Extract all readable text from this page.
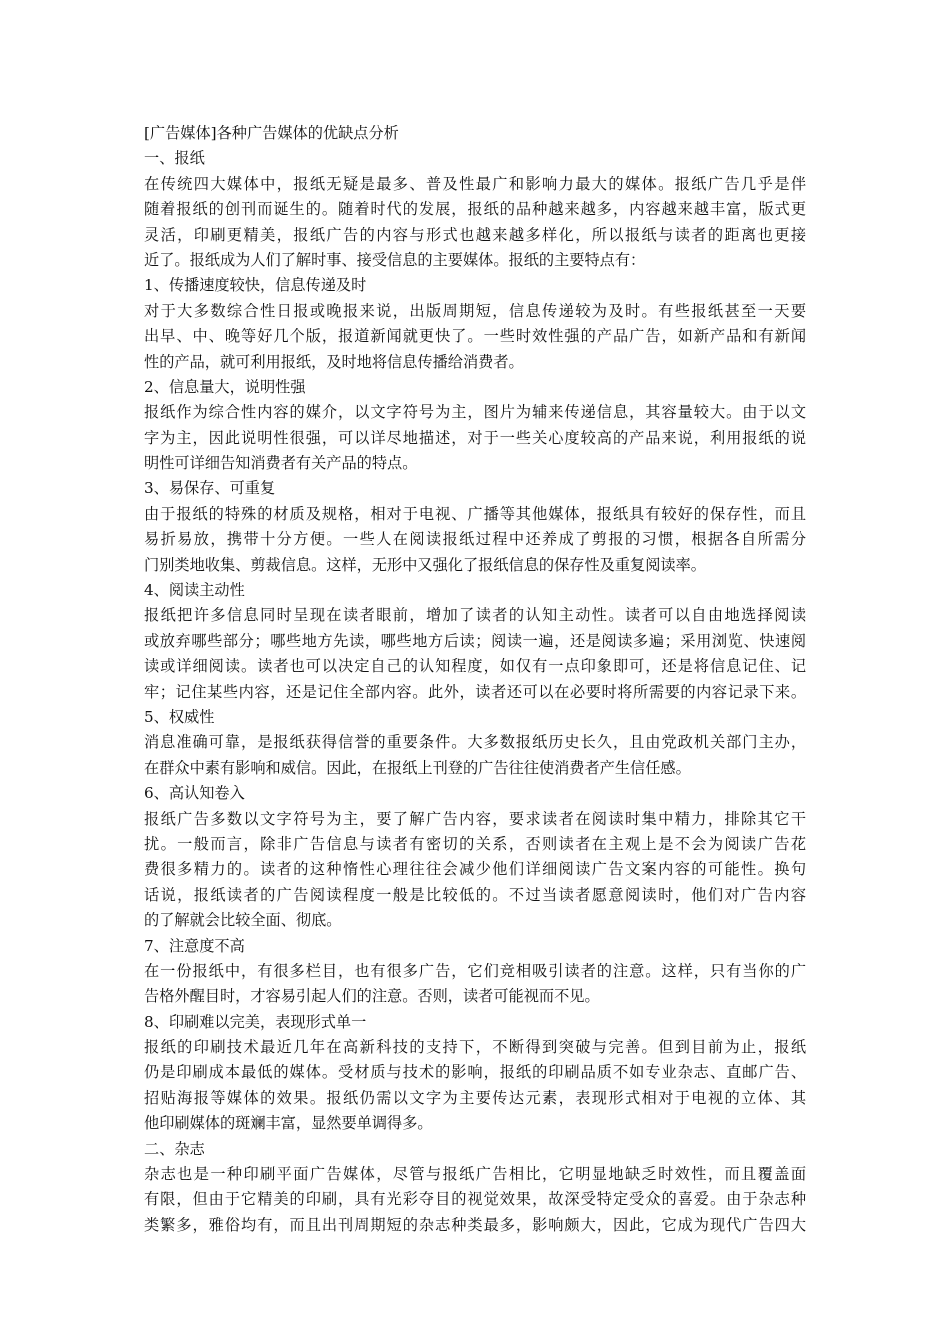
[广告媒体]各种广告媒体的优缺点分析
一、报纸
在传统四大媒体中，报纸无疑是最多、普及性最广和影响力最大的媒体。报纸广告几乎是伴
随着报纸的创刊而诞生的。随着时代的发展，报纸的品种越来越多，内容越来越丰富，版式更
灵活，印刷更精美，报纸广告的内容与形式也越来越多样化，所以报纸与读者的距离也更接
近了。报纸成为人们了解时事、接受信息的主要媒体。报纸的主要特点有：
1、传播速度较快，信息传递及时
对于大多数综合性日报或晚报来说，出版周期短，信息传递较为及时。有些报纸甚至一天要
出早、中、晚等好几个版，报道新闻就更快了。一些时效性强的产品广告，如新产品和有新闻
性的产品，就可利用报纸，及时地将信息传播给消费者。
2、信息量大，说明性强
报纸作为综合性内容的媒介，以文字符号为主，图片为辅来传递信息，其容量较大。由于以文
字为主，因此说明性很强，可以详尽地描述，对于一些关心度较高的产品来说，利用报纸的说
明性可详细告知消费者有关产品的特点。
3、易保存、可重复
由于报纸的特殊的材质及规格，相对于电视、广播等其他媒体，报纸具有较好的保存性，而且
易折易放，携带十分方便。一些人在阅读报纸过程中还养成了剪报的习惯，根据各自所需分
门别类地收集、剪裁信息。这样，无形中又强化了报纸信息的保存性及重复阅读率。
4、阅读主动性
报纸把许多信息同时呈现在读者眼前，增加了读者的认知主动性。读者可以自由地选择阅读
或放弃哪些部分；哪些地方先读，哪些地方后读；阅读一遍，还是阅读多遍；采用浏览、快速阅
读或详细阅读。读者也可以决定自己的认知程度，如仅有一点印象即可，还是将信息记住、记
牢；记住某些内容，还是记住全部内容。此外，读者还可以在必要时将所需要的内容记录下来。
5、权威性
消息准确可靠，是报纸获得信誉的重要条件。大多数报纸历史长久，且由党政机关部门主办，
在群众中素有影响和威信。因此，在报纸上刊登的广告往往使消费者产生信任感。
6、高认知卷入
报纸广告多数以文字符号为主，要了解广告内容，要求读者在阅读时集中精力，排除其它干
扰。一般而言，除非广告信息与读者有密切的关系，否则读者在主观上是不会为阅读广告花
费很多精力的。读者的这种惰性心理往往会减少他们详细阅读广告文案内容的可能性。换句
话说，报纸读者的广告阅读程度一般是比较低的。不过当读者愿意阅读时，他们对广告内容
的了解就会比较全面、彻底。
7、注意度不高
在一份报纸中，有很多栏目，也有很多广告，它们竞相吸引读者的注意。这样，只有当你的广
告格外醒目时，才容易引起人们的注意。否则，读者可能视而不见。
8、印刷难以完美，表现形式单一
报纸的印刷技术最近几年在高新科技的支持下，不断得到突破与完善。但到目前为止，报纸
仍是印刷成本最低的媒体。受材质与技术的影响，报纸的印刷品质不如专业杂志、直邮广告、
招贴海报等媒体的效果。报纸仍需以文字为主要传达元素，表现形式相对于电视的立体、其
他印刷媒体的斑斓丰富，显然要单调得多。
二、杂志
杂志也是一种印刷平面广告媒体，尽管与报纸广告相比，它明显地缺乏时效性，而且覆盖面
有限，但由于它精美的印刷，具有光彩夺目的视觉效果，故深受特定受众的喜爱。由于杂志种
类繁多，雅俗均有，而且出刊周期短的杂志种类最多，影响颇大，因此，它成为现代广告四大
